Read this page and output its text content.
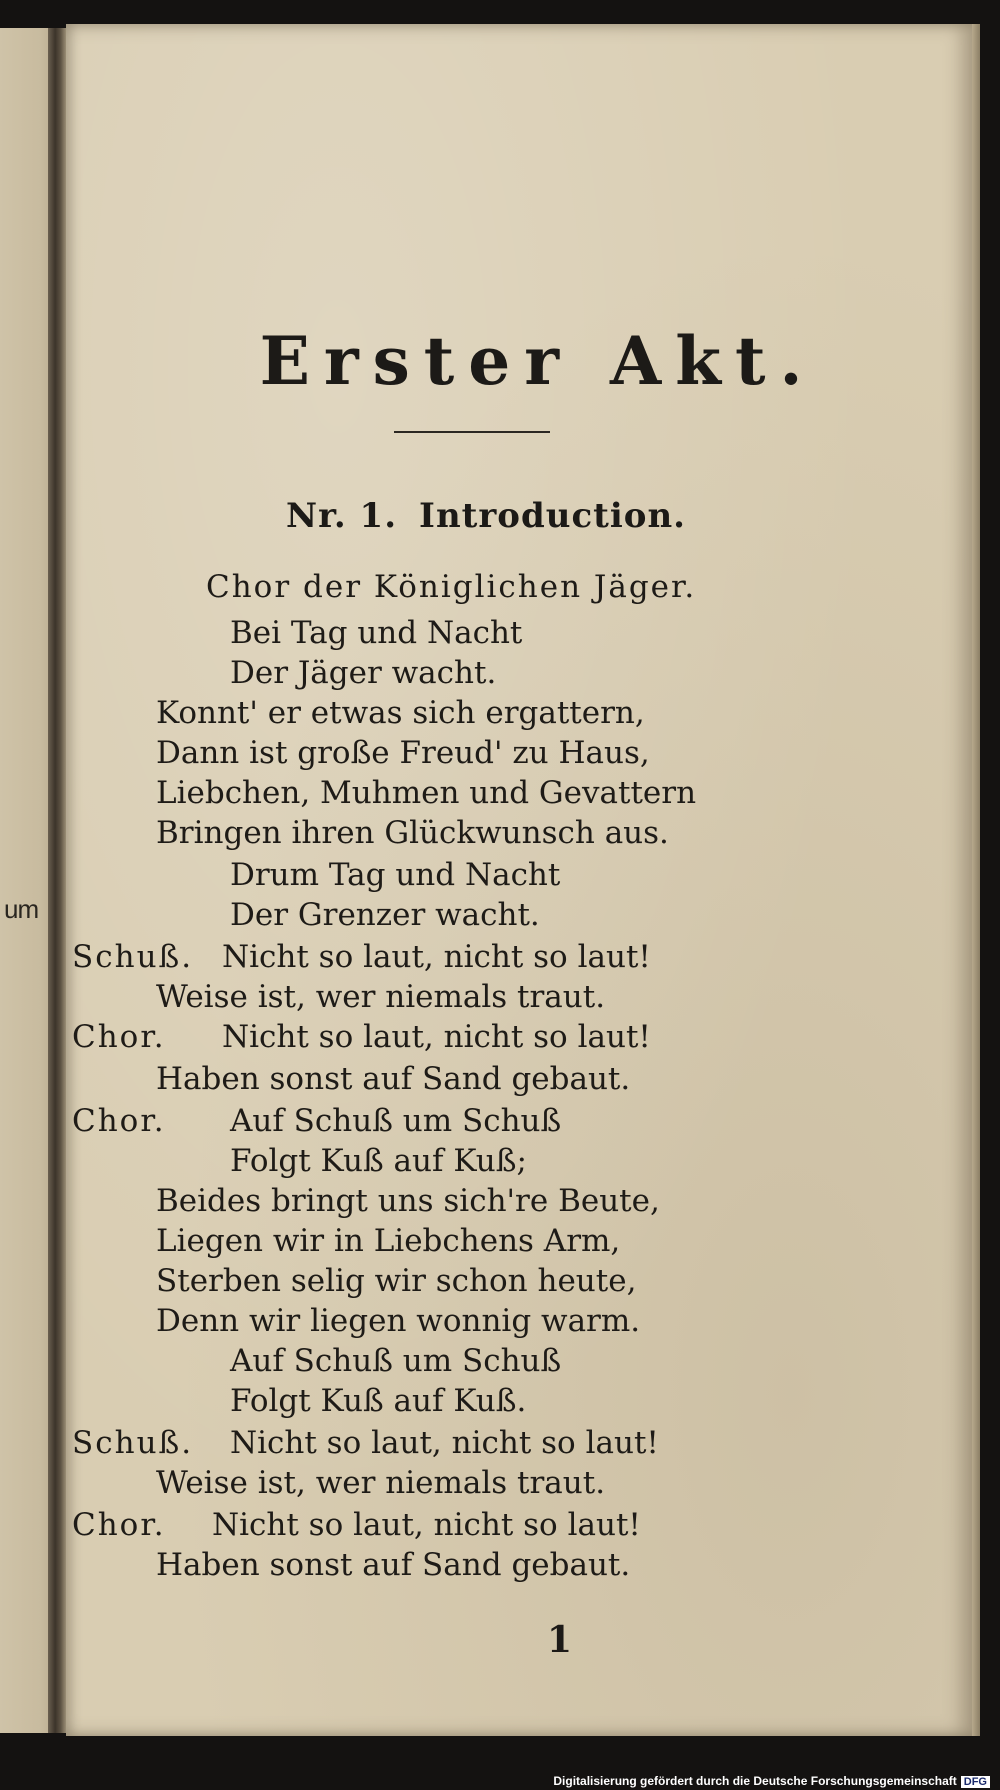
um
Erster Akt.
Nr. 1. Introduction.
Chor der Königlichen Jäger.
Bei Tag und Nacht
Der Jäger wacht.
Konnt' er etwas sich ergattern,
Dann ist große Freud' zu Haus,
Liebchen, Muhmen und Gevattern
Bringen ihren Glückwunsch aus.
Drum Tag und Nacht
Der Grenzer wacht.
Schuß. Nicht so laut, nicht so laut!
Weise ist, wer niemals traut.
Chor. Nicht so laut, nicht so laut!
Haben sonst auf Sand gebaut.
Chor. Auf Schuß um Schuß
Folgt Kuß auf Kuß;
Beides bringt uns sich're Beute,
Liegen wir in Liebchens Arm,
Sterben selig wir schon heute,
Denn wir liegen wonnig warm.
Auf Schuß um Schuß
Folgt Kuß auf Kuß.
Schuß. Nicht so laut, nicht so laut!
Weise ist, wer niemals traut.
Chor. Nicht so laut, nicht so laut!
Haben sonst auf Sand gebaut.
1
Digitalisierung gefördert durch die Deutsche Forschungsgemeinschaft DFG
